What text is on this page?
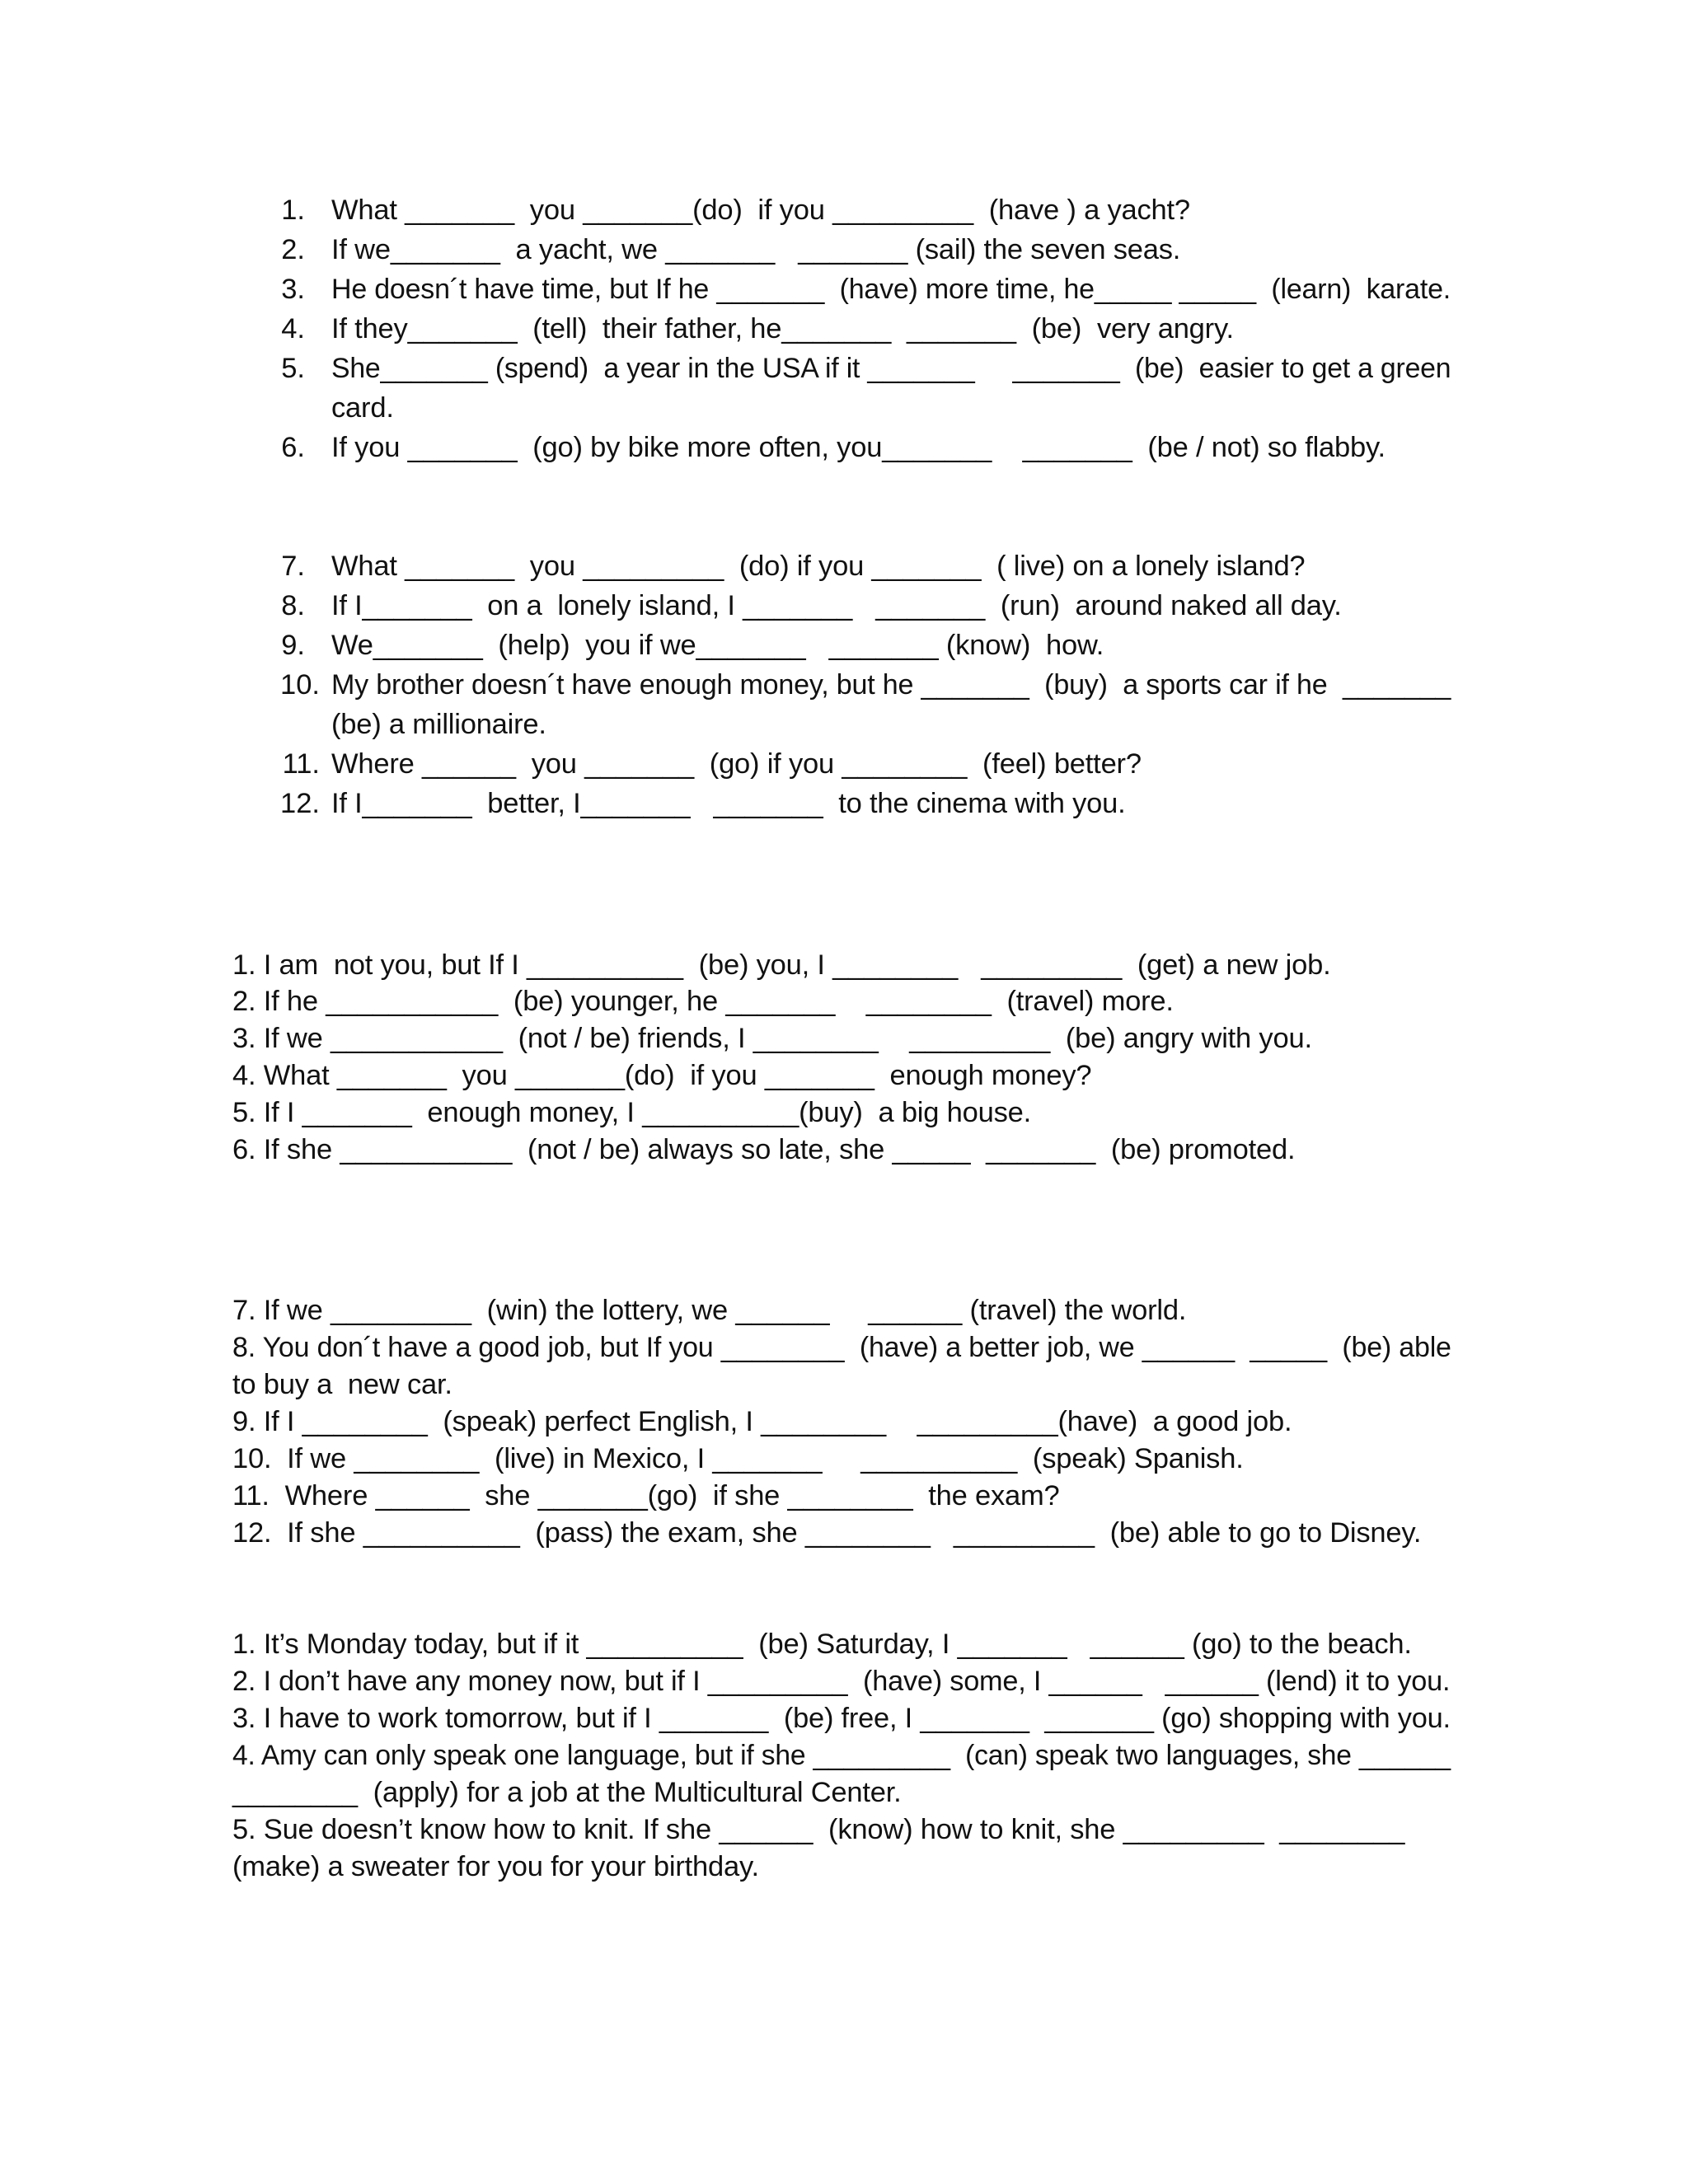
1. What _______  you _______(do)  if you _________  (have ) a yacht?
2. If we_______  a yacht, we _______   _______ (sail) the seven seas.
3. He doesn´t have time, but If he _______  (have) more time, he_____ _____  (learn)  karate.
4. If they_______  (tell)  their father, he_______  _______  (be)  very angry.
5. She_______ (spend)  a year in the USA if it _______     _______  (be)  easier to get a green
card.
6. If you _______  (go) by bike more often, you_______    _______  (be / not) so flabby.
7. What _______  you _________  (do) if you _______  ( live) on a lonely island?
8. If I_______  on a  lonely island, I _______   _______  (run)  around naked all day.
9. We_______  (help)  you if we_______   _______ (know)  how.
10. My brother doesn´t have enough money, but he _______  (buy)  a sports car if he  _______
(be) a millionaire.
11. Where ______  you _______  (go) if you ________  (feel) better?
12. If I_______  better, I_______   _______  to the cinema with you.
1. I am  not you, but If I __________  (be) you, I ________   _________  (get) a new job.
2. If he ___________  (be) younger, he _______    ________  (travel) more.
3. If we ___________  (not / be) friends, I ________    _________  (be) angry with you.
4. What _______  you _______(do)  if you _______  enough money?
5. If I _______  enough money, I __________(buy)  a big house.
6. If she ___________  (not / be) always so late, she _____  _______  (be) promoted.
7. If we _________  (win) the lottery, we ______     ______ (travel) the world.
8. You don´t have a good job, but If you ________  (have) a better job, we ______  _____  (be) able
to buy a  new car.
9. If I ________  (speak) perfect English, I ________    _________(have)  a good job.
10.  If we ________  (live) in Mexico, I _______     __________  (speak) Spanish.
11.  Where ______  she _______(go)  if she ________  the exam?
12.  If she __________  (pass) the exam, she ________   _________  (be) able to go to Disney.
1. It’s Monday today, but if it __________  (be) Saturday, I _______   ______ (go) to the beach.
2. I don’t have any money now, but if I _________  (have) some, I ______   ______ (lend) it to you.
3. I have to work tomorrow, but if I _______  (be) free, I _______  _______ (go) shopping with you.
4. Amy can only speak one language, but if she _________  (can) speak two languages, she ______
________  (apply) for a job at the Multicultural Center.
5. Sue doesn’t know how to knit. If she ______  (know) how to knit, she _________  ________
(make) a sweater for you for your birthday.
